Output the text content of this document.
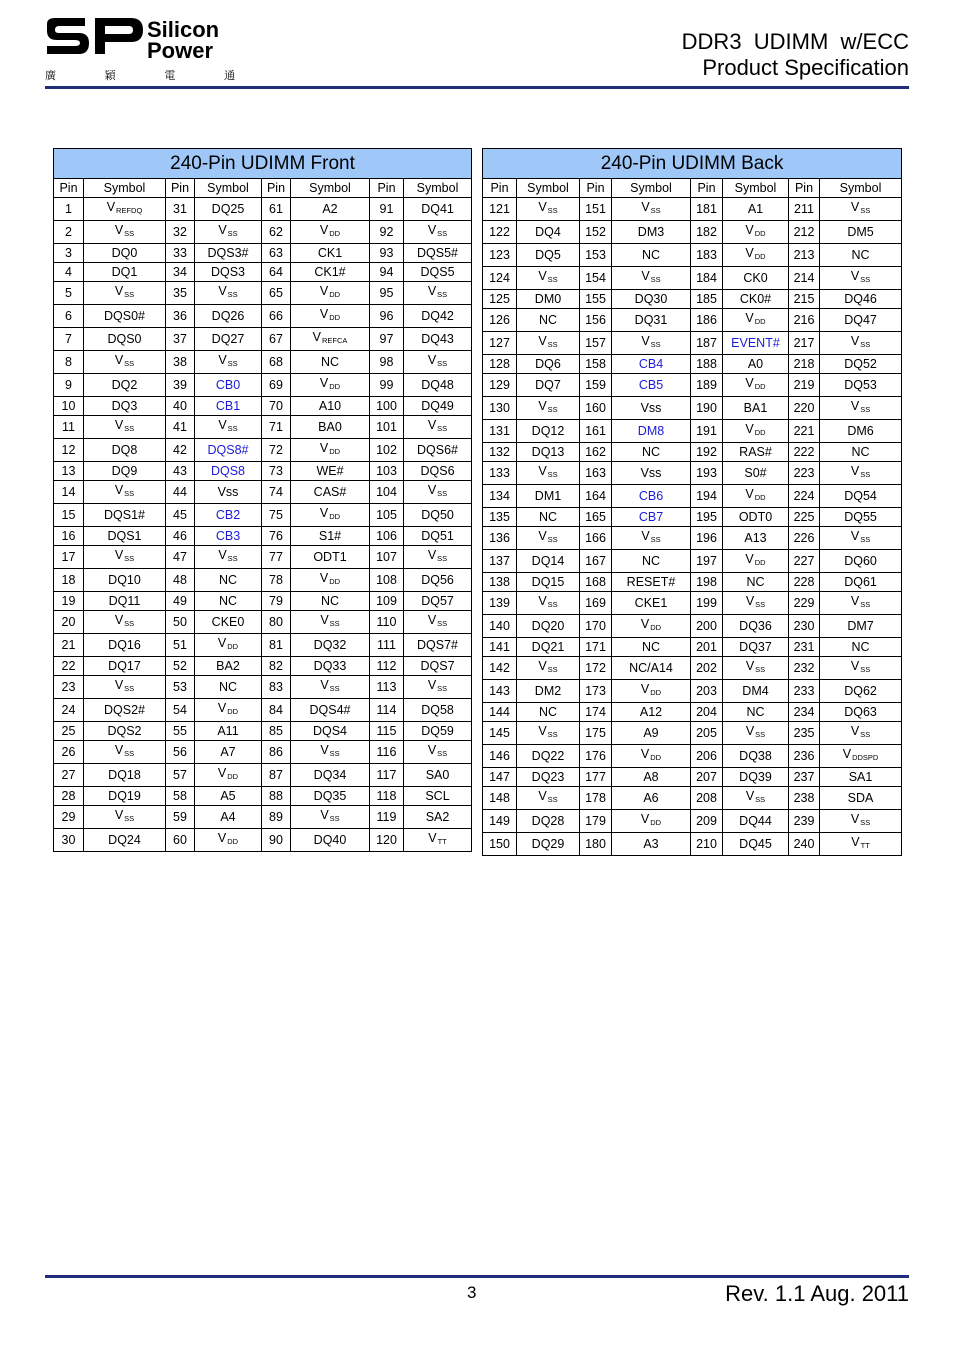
Silicon
Power
廣	穎	電	通
DDR3  UDIMM  w/ECC
Product Specification
240-Pin UDIMM Front							
Pin	Symbol	Pin	Symbol	Pin	Symbol	Pin	Symbol
1	$V_{REFDQ}$	31	DQ25	61	A2	91	DQ41
2	$V_{SS}$	32	$V_{SS}$	62	$V_{DD}$	92	$V_{SS}$
3	DQ0	33	DQS3#	63	CK1	93	DQS5#
4	DQ1	34	DQS3	64	CK1#	94	DQS5
5	$V_{SS}$	35	$V_{SS}$	65	$V_{DD}$	95	$V_{SS}$
6	DQS0#	36	DQ26	66	$V_{DD}$	96	DQ42
7	DQS0	37	DQ27	67	$V_{REFCA}$	97	DQ43
8	$V_{SS}$	38	$V_{SS}$	68	NC	98	$V_{SS}$
9	DQ2	39	CB0	69	$V_{DD}$	99	DQ48
10	DQ3	40	CB1	70	A10	100	DQ49
11	$V_{SS}$	41	$V_{SS}$	71	BA0	101	$V_{SS}$
12	DQ8	42	DQS8#	72	$V_{DD}$	102	DQS6#
13	DQ9	43	DQS8	73	WE#	103	DQS6
14	$V_{SS}$	44	Vss	74	CAS#	104	$V_{SS}$
15	DQS1#	45	CB2	75	$V_{DD}$	105	DQ50
16	DQS1	46	CB3	76	S1#	106	DQ51
17	$V_{SS}$	47	$V_{SS}$	77	ODT1	107	$V_{SS}$
18	DQ10	48	NC	78	$V_{DD}$	108	DQ56
19	DQ11	49	NC	79	NC	109	DQ57
20	$V_{SS}$	50	CKE0	80	$V_{SS}$	110	$V_{SS}$
21	DQ16	51	$V_{DD}$	81	DQ32	111	DQS7#
22	DQ17	52	BA2	82	DQ33	112	DQS7
23	$V_{SS}$	53	NC	83	$V_{SS}$	113	$V_{SS}$
24	DQS2#	54	$V_{DD}$	84	DQS4#	114	DQ58
25	DQS2	55	A11	85	DQS4	115	DQ59
26	$V_{SS}$	56	A7	86	$V_{SS}$	116	$V_{SS}$
27	DQ18	57	$V_{DD}$	87	DQ34	117	SA0
28	DQ19	58	A5	88	DQ35	118	SCL
29	$V_{SS}$	59	A4	89	$V_{SS}$	119	SA2
30	DQ24	60	$V_{DD}$	90	DQ40	120	$V_{TT}$
240-Pin UDIMM Back							
Pin	Symbol	Pin	Symbol	Pin	Symbol	Pin	Symbol
121	$V_{SS}$	151	$V_{SS}$	181	A1	211	$V_{SS}$
122	DQ4	152	DM3	182	$V_{DD}$	212	DM5
123	DQ5	153	NC	183	$V_{DD}$	213	NC
124	$V_{SS}$	154	$V_{SS}$	184	CK0	214	$V_{SS}$
125	DM0	155	DQ30	185	CK0#	215	DQ46
126	NC	156	DQ31	186	$V_{DD}$	216	DQ47
127	$V_{SS}$	157	$V_{SS}$	187	EVENT#	217	$V_{SS}$
128	DQ6	158	CB4	188	A0	218	DQ52
129	DQ7	159	CB5	189	$V_{DD}$	219	DQ53
130	$V_{SS}$	160	Vss	190	BA1	220	$V_{SS}$
131	DQ12	161	DM8	191	$V_{DD}$	221	DM6
132	DQ13	162	NC	192	RAS#	222	NC
133	$V_{SS}$	163	Vss	193	S0#	223	$V_{SS}$
134	DM1	164	CB6	194	$V_{DD}$	224	DQ54
135	NC	165	CB7	195	ODT0	225	DQ55
136	$V_{SS}$	166	$V_{SS}$	196	A13	226	$V_{SS}$
137	DQ14	167	NC	197	$V_{DD}$	227	DQ60
138	DQ15	168	RESET#	198	NC	228	DQ61
139	$V_{SS}$	169	CKE1	199	$V_{SS}$	229	$V_{SS}$
140	DQ20	170	$V_{DD}$	200	DQ36	230	DM7
141	DQ21	171	NC	201	DQ37	231	NC
142	$V_{SS}$	172	NC/A14	202	$V_{SS}$	232	$V_{SS}$
143	DM2	173	$V_{DD}$	203	DM4	233	DQ62
144	NC	174	A12	204	NC	234	DQ63
145	$V_{SS}$	175	A9	205	$V_{SS}$	235	$V_{SS}$
146	DQ22	176	$V_{DD}$	206	DQ38	236	$V_{DDSPD}$
147	DQ23	177	A8	207	DQ39	237	SA1
148	$V_{SS}$	178	A6	208	$V_{SS}$	238	SDA
149	DQ28	179	$V_{DD}$	209	DQ44	239	$V_{SS}$
150	DQ29	180	A3	210	DQ45	240	$V_{TT}$
3	Rev. 1.1 Aug. 2011
